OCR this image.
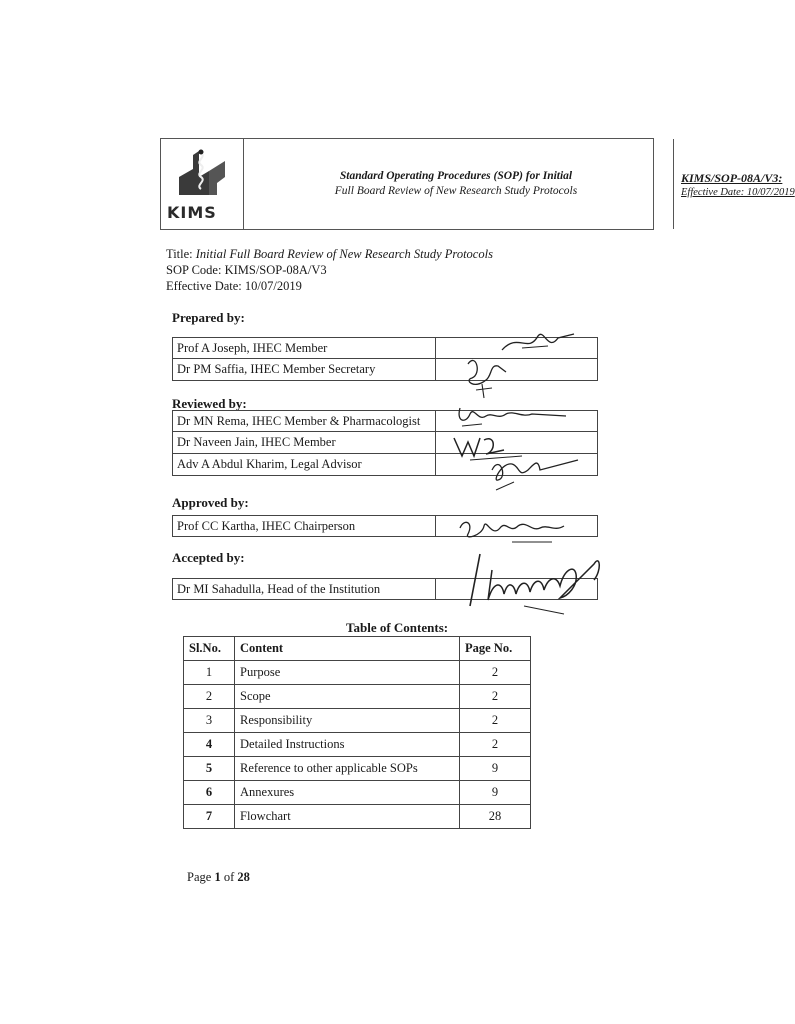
KIMS
Standard Operating Procedures (SOP) for Initial
Full Board Review of New Research Study Protocols
KIMS/SOP-08A/V3:
Effective Date: 10/07/2019
Title: Initial Full Board Review of New Research Study Protocols
SOP Code: KIMS/SOP-08A/V3
Effective Date: 10/07/2019
Prepared by:
Prof A Joseph, IHEC Member
Dr PM Saffia, IHEC Member Secretary
Reviewed by:
Dr MN Rema, IHEC Member & Pharmacologist
Dr Naveen Jain, IHEC Member
Adv A Abdul Kharim, Legal Advisor
Approved by:
Prof CC Kartha, IHEC Chairperson
Accepted by:
Dr MI Sahadulla, Head of the Institution
Table of Contents:
Sl.No.	Content	Page No.
1	Purpose	2
2	Scope	2
3	Responsibility	2
4	Detailed Instructions	2
5	Reference to other applicable SOPs	9
6	Annexures	9
7	Flowchart	28
Page 1 of 28
